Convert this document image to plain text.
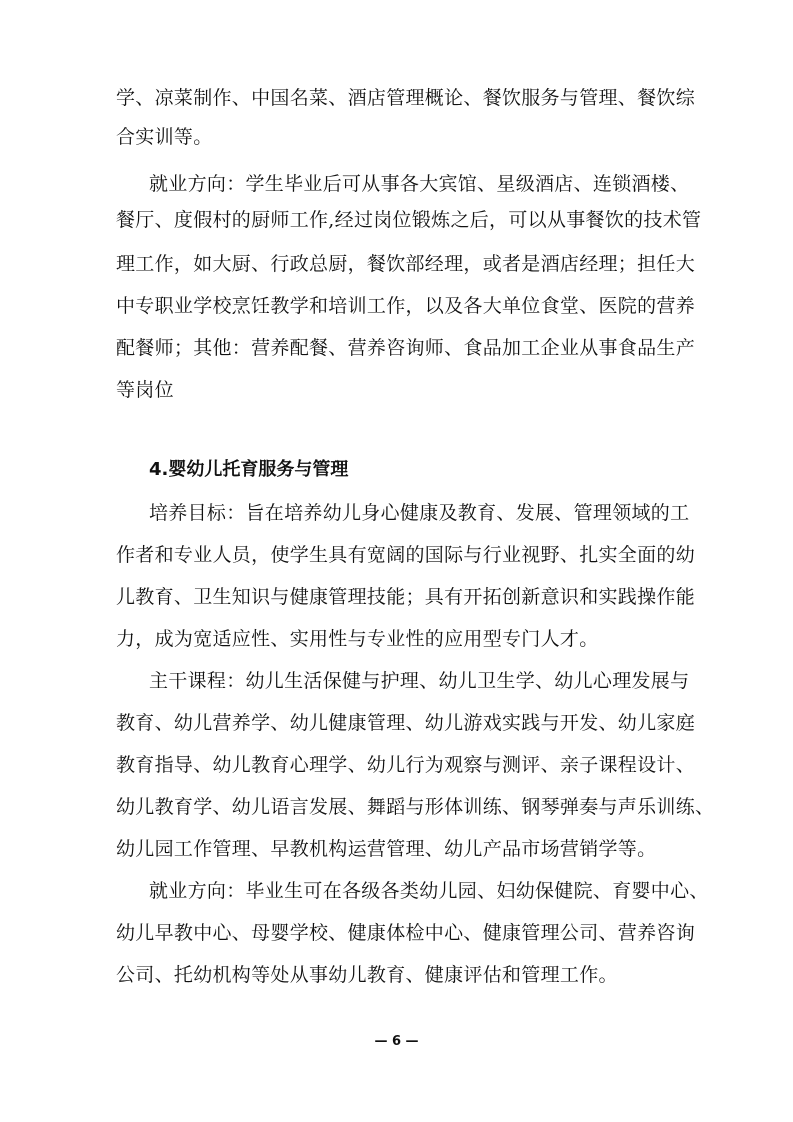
学、凉菜制作、中国名菜、酒店管理概论、餐饮服务与管理、餐饮综
合实训等。
就业方向：学生毕业后可从事各大宾馆、星级酒店、连锁酒楼、
餐厅、度假村的厨师工作,经过岗位锻炼之后，可以从事餐饮的技术管
理工作，如大厨、行政总厨，餐饮部经理，或者是酒店经理；担任大
中专职业学校烹饪教学和培训工作，以及各大单位食堂、医院的营养
配餐师；其他：营养配餐、营养咨询师、食品加工企业从事食品生产
等岗位
4.婴幼儿托育服务与管理
培养目标：旨在培养幼儿身心健康及教育、发展、管理领域的工
作者和专业人员，使学生具有宽阔的国际与行业视野、扎实全面的幼
儿教育、卫生知识与健康管理技能；具有开拓创新意识和实践操作能
力，成为宽适应性、实用性与专业性的应用型专门人才。
主干课程：幼儿生活保健与护理、幼儿卫生学、幼儿心理发展与
教育、幼儿营养学、幼儿健康管理、幼儿游戏实践与开发、幼儿家庭
教育指导、幼儿教育心理学、幼儿行为观察与测评、亲子课程设计、
幼儿教育学、幼儿语言发展、舞蹈与形体训练、钢琴弹奏与声乐训练、
幼儿园工作管理、早教机构运营管理、幼儿产品市场营销学等。
就业方向：毕业生可在各级各类幼儿园、妇幼保健院、育婴中心、
幼儿早教中心、母婴学校、健康体检中心、健康管理公司、营养咨询
公司、托幼机构等处从事幼儿教育、健康评估和管理工作。
— 6 —
